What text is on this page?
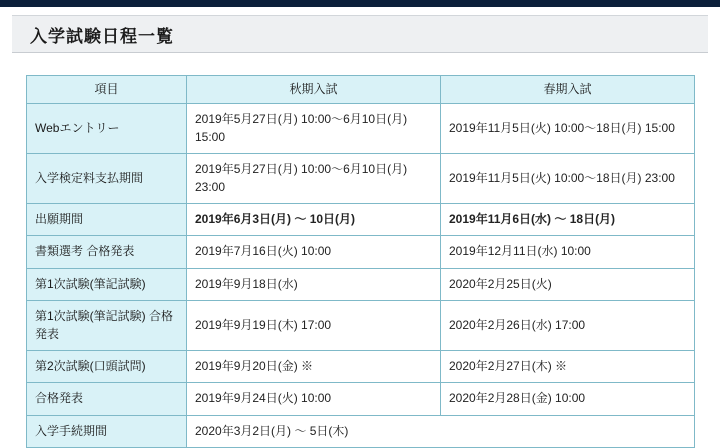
入学試験日程一覧
項目	秋期入試	春期入試
Webエントリー	2019年5月27日(月) 10:00〜6月10日(月) 15:00	2019年11月5日(火) 10:00〜18日(月) 15:00
入学検定料支払期間	2019年5月27日(月) 10:00〜6月10日(月) 23:00	2019年11月5日(火) 10:00〜18日(月) 23:00
出願期間	2019年6月3日(月) 〜 10日(月)	2019年11月6日(水) 〜 18日(月)
書類選考 合格発表	2019年7月16日(火) 10:00	2019年12月11日(水) 10:00
第1次試験(筆記試験)	2019年9月18日(水)	2020年2月25日(火)
第1次試験(筆記試験) 合格発表	2019年9月19日(木) 17:00	2020年2月26日(水) 17:00
第2次試験(口頭試問)	2019年9月20日(金) ※	2020年2月27日(木) ※
合格発表	2019年9月24日(火) 10:00	2020年2月28日(金) 10:00
入学手続期間	2020年3月2日(月) 〜 5日(木)	
